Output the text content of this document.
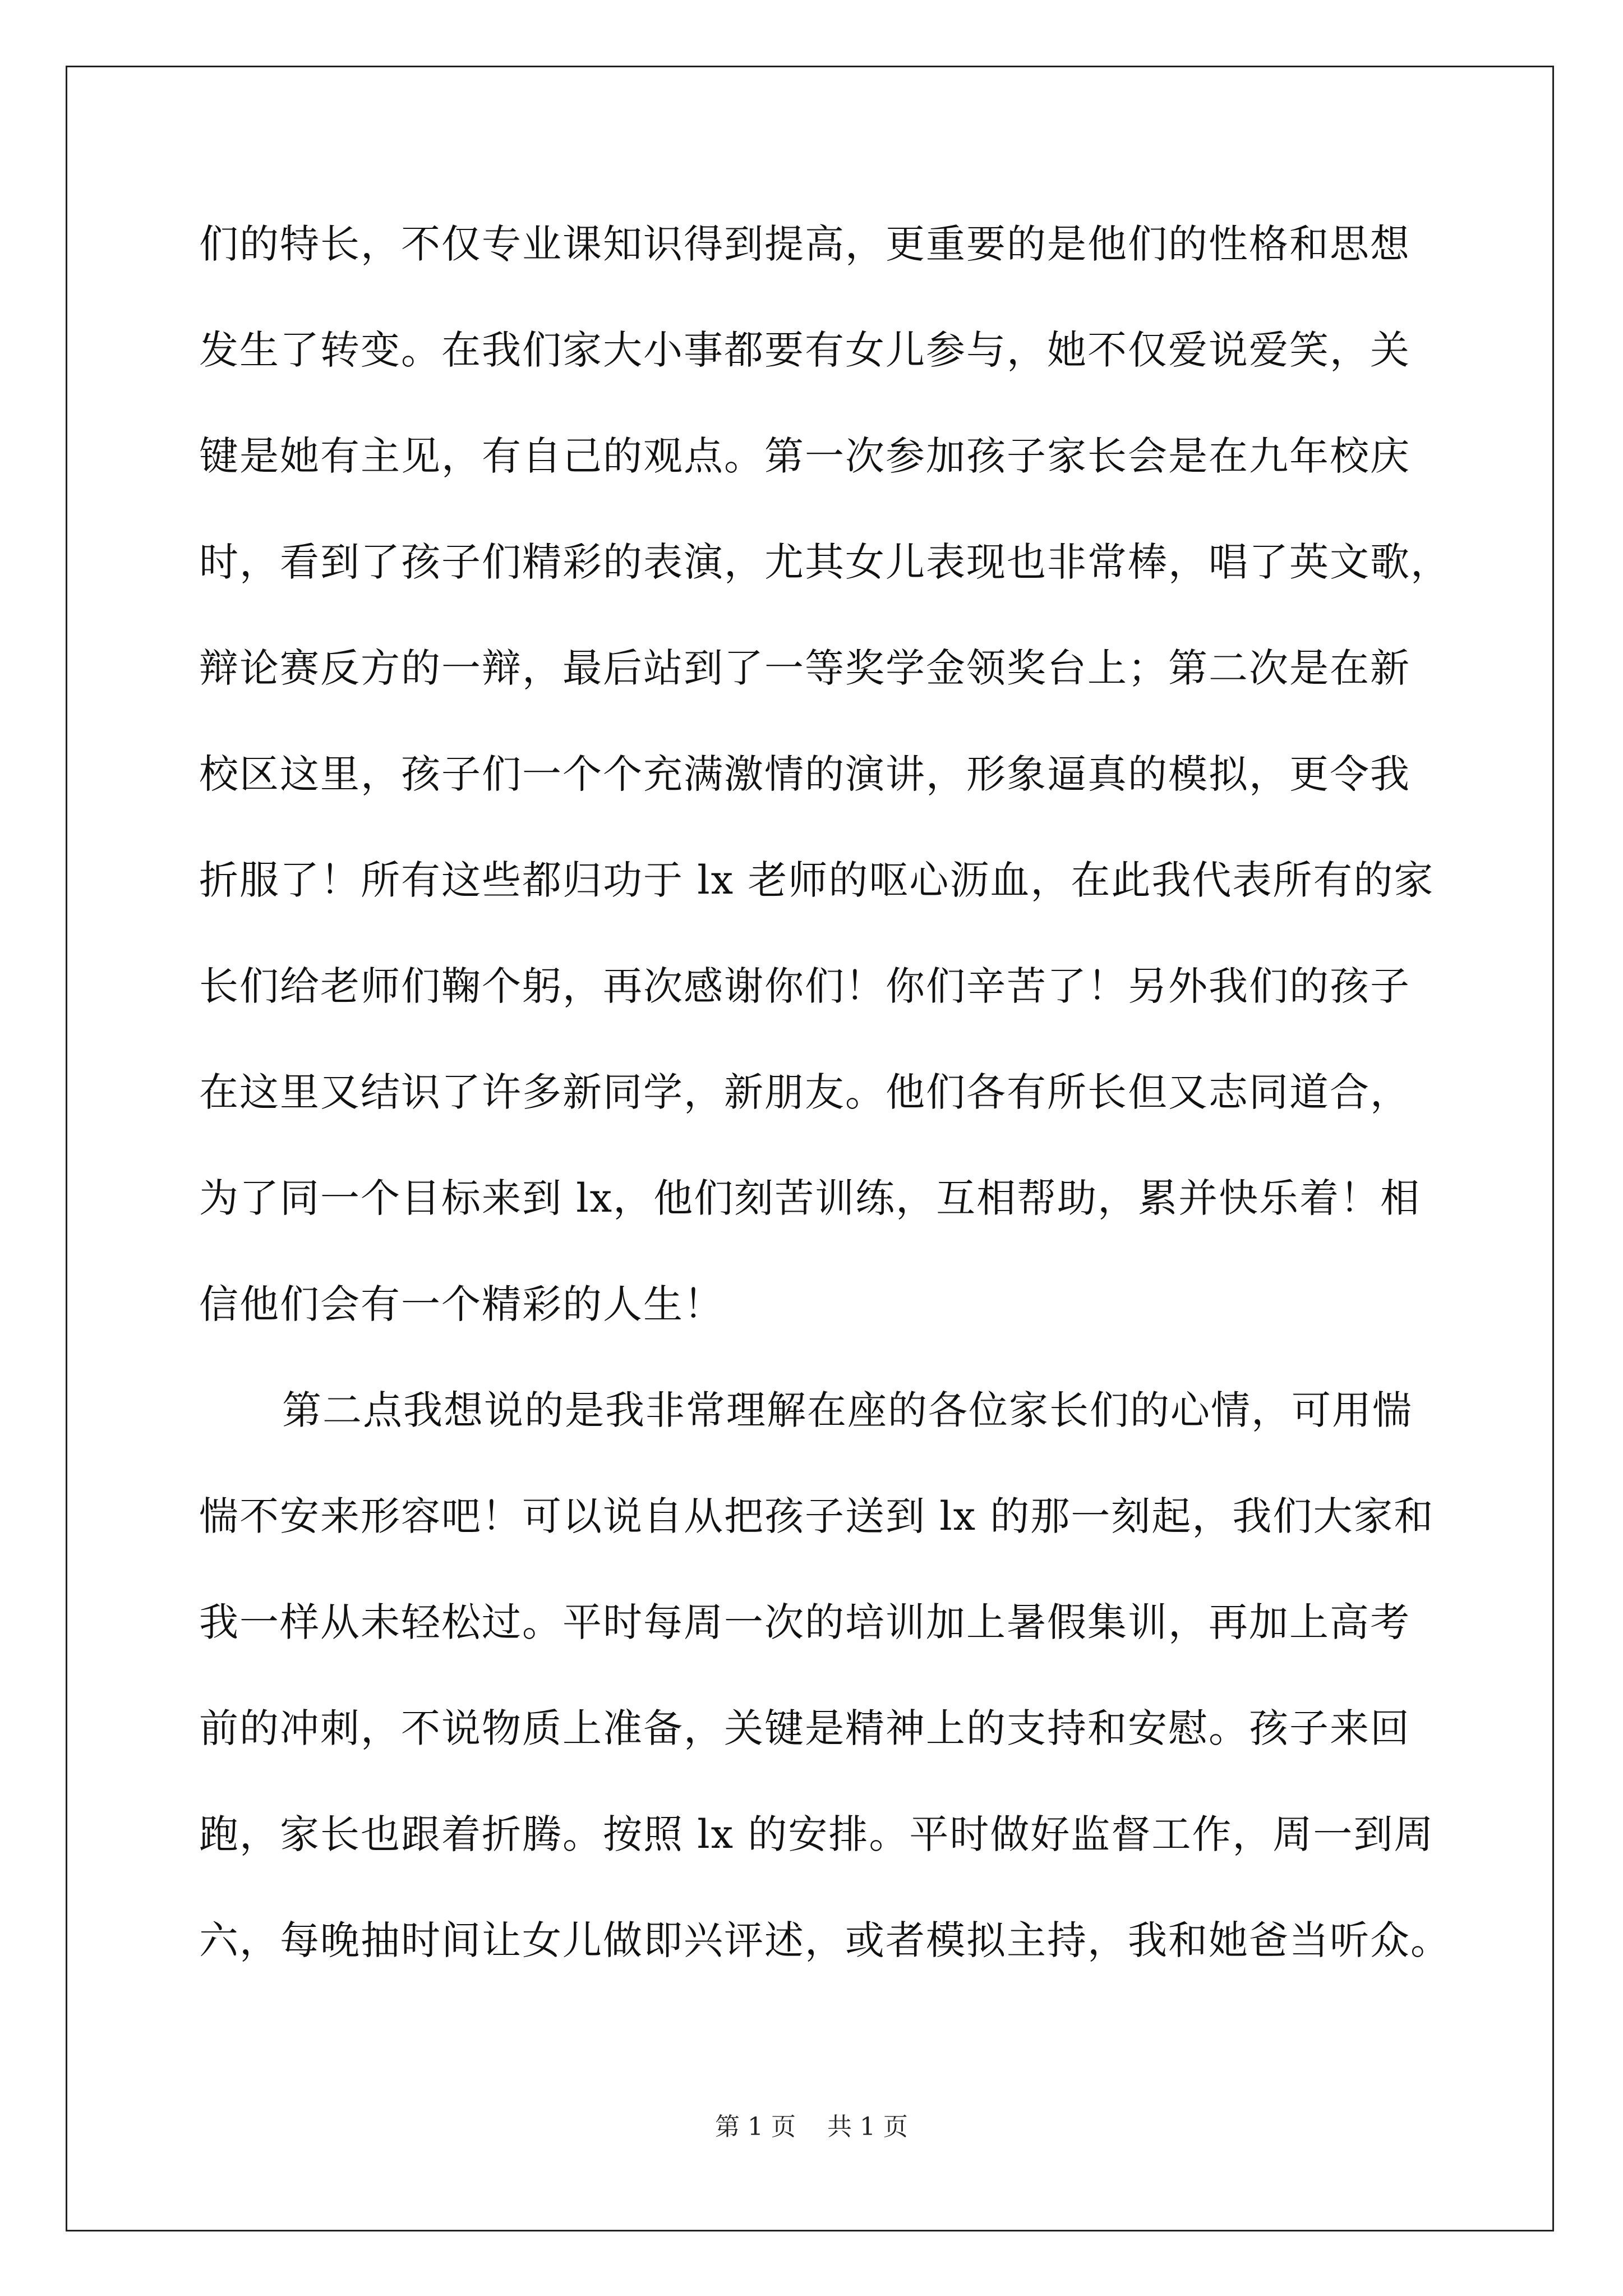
们的特长，不仅专业课知识得到提高，更重要的是他们的性格和思想
发生了转变。在我们家大小事都要有女儿参与，她不仅爱说爱笑，关
键是她有主见，有自己的观点。第一次参加孩子家长会是在九年校庆
时，看到了孩子们精彩的表演，尤其女儿表现也非常棒，唱了英文歌，
辩论赛反方的一辩，最后站到了一等奖学金领奖台上；第二次是在新
校区这里，孩子们一个个充满激情的演讲，形象逼真的模拟，更令我
折服了！所有这些都归功于 lx 老师的呕心沥血，在此我代表所有的家
长们给老师们鞠个躬，再次感谢你们！你们辛苦了！另外我们的孩子
在这里又结识了许多新同学，新朋友。他们各有所长但又志同道合，
为了同一个目标来到 lx，他们刻苦训练，互相帮助，累并快乐着！相
信他们会有一个精彩的人生！
第二点我想说的是我非常理解在座的各位家长们的心情，可用惴
惴不安来形容吧！可以说自从把孩子送到 lx 的那一刻起，我们大家和
我一样从未轻松过。平时每周一次的培训加上暑假集训，再加上高考
前的冲刺，不说物质上准备，关键是精神上的支持和安慰。孩子来回
跑，家长也跟着折腾。按照 lx 的安排。平时做好监督工作，周一到周
六，每晚抽时间让女儿做即兴评述，或者模拟主持，我和她爸当听众。
第 1 页    共 1 页
